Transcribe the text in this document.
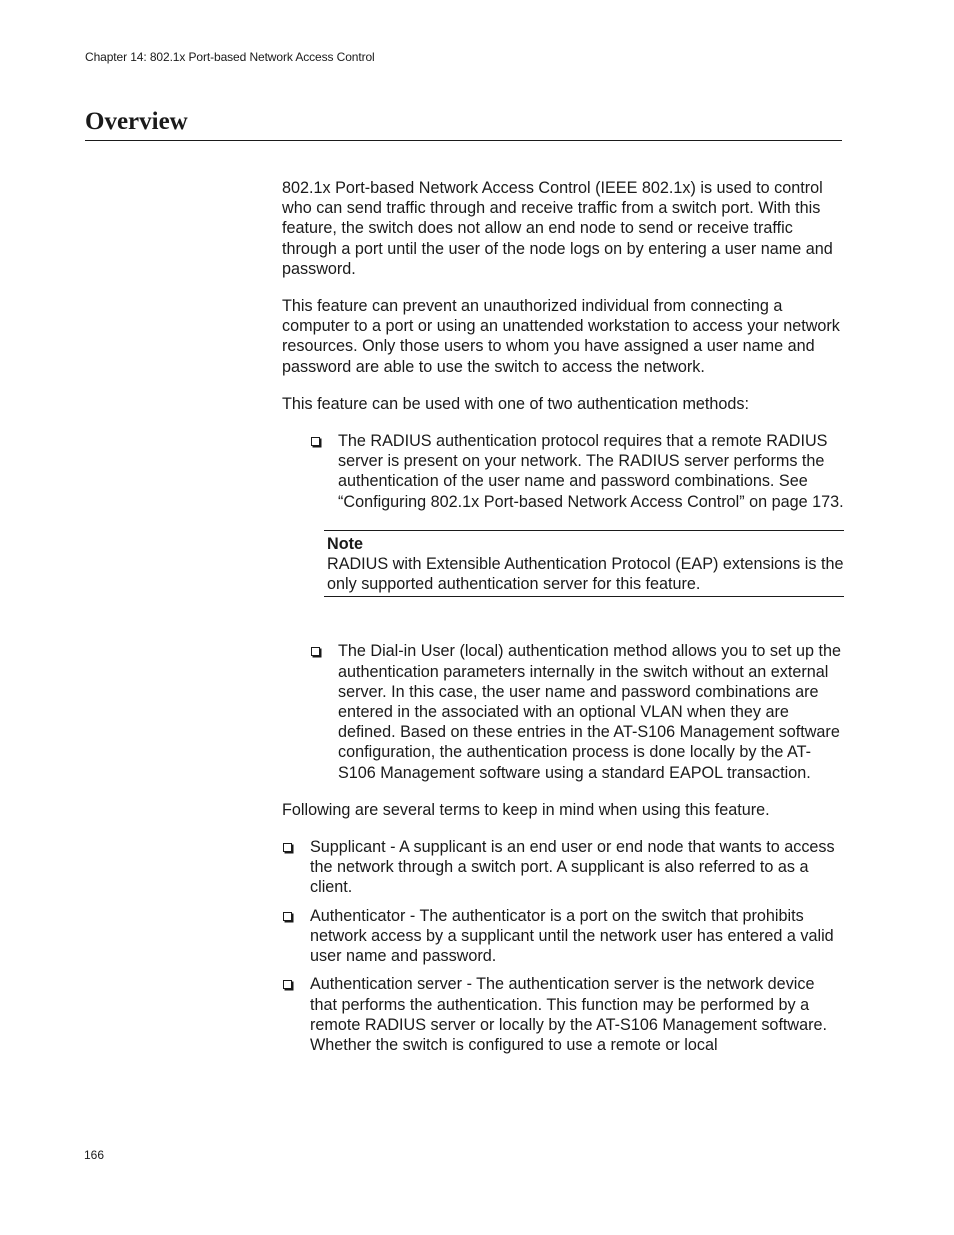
Chapter 14: 802.1x Port-based Network Access Control
Overview

802.1x Port-based Network Access Control (IEEE 802.1x) is used to control who can send traffic through and receive traffic from a switch port. With this feature, the switch does not allow an end node to send or receive traffic through a port until the user of the node logs on by entering a user name and password.

This feature can prevent an unauthorized individual from connecting a computer to a port or using an unattended workstation to access your network resources. Only those users to whom you have assigned a user name and password are able to use the switch to access the network.

This feature can be used with one of two authentication methods:

The RADIUS authentication protocol requires that a remote RADIUS server is present on your network. The RADIUS server performs the authentication of the user name and password combinations. See “Configuring 802.1x Port-based Network Access Control” on page 173.
Note
RADIUS with Extensible Authentication Protocol (EAP) extensions is the only supported authentication server for this feature.
The Dial-in User (local) authentication method allows you to set up the authentication parameters internally in the switch without an external server. In this case, the user name and password combinations are entered in the associated with an optional VLAN when they are defined. Based on these entries in the AT-S106 Management software configuration, the authentication process is done locally by the AT-S106 Management software using a standard EAPOL transaction.

Following are several terms to keep in mind when using this feature.

Supplicant - A supplicant is an end user or end node that wants to access the network through a switch port. A supplicant is also referred to as a client.
Authenticator - The authenticator is a port on the switch that prohibits network access by a supplicant until the network user has entered a valid user name and password.
Authentication server - The authentication server is the network device that performs the authentication. This function may be performed by a remote RADIUS server or locally by the AT-S106 Management software. Whether the switch is configured to use a remote or local
166
